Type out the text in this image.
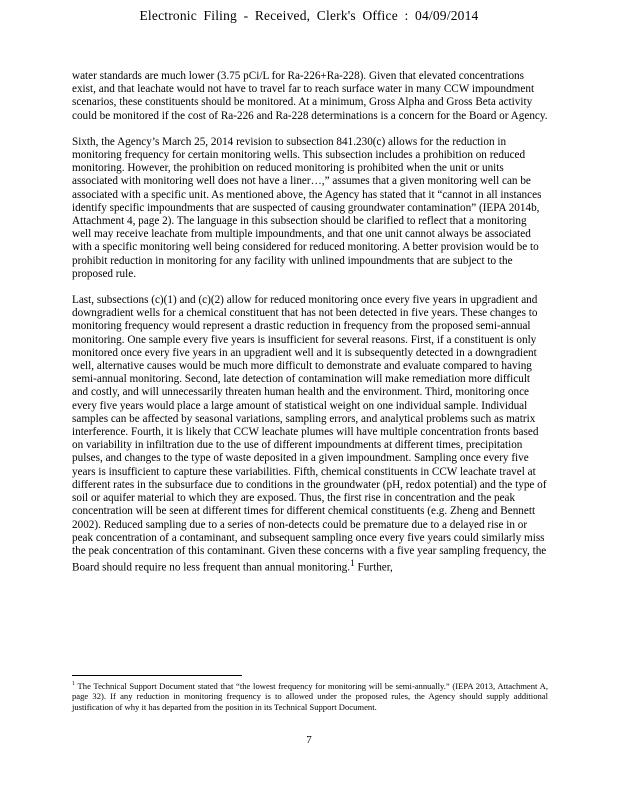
Electronic Filing - Received, Clerk's Office : 04/09/2014

water standards are much lower (3.75 pCi/L for Ra-226+Ra-228). Given that elevated concentrations exist, and that leachate would not have to travel far to reach surface water in many CCW impoundment scenarios, these constituents should be monitored. At a minimum, Gross Alpha and Gross Beta activity could be monitored if the cost of Ra-226 and Ra-228 determinations is a concern for the Board or Agency.

Sixth, the Agency’s March 25, 2014 revision to subsection 841.230(c) allows for the reduction in monitoring frequency for certain monitoring wells. This subsection includes a prohibition on reduced monitoring. However, the prohibition on reduced monitoring is prohibited when the unit or units associated with monitoring well does not have a liner…,” assumes that a given monitoring well can be associated with a specific unit. As mentioned above, the Agency has stated that it “cannot in all instances identify specific impoundments that are suspected of causing groundwater contamination” (IEPA 2014b, Attachment 4, page 2). The language in this subsection should be clarified to reflect that a monitoring well may receive leachate from multiple impoundments, and that one unit cannot always be associated with a specific monitoring well being considered for reduced monitoring. A better provision would be to prohibit reduction in monitoring for any facility with unlined impoundments that are subject to the proposed rule.

Last, subsections (c)(1) and (c)(2) allow for reduced monitoring once every five years in upgradient and downgradient wells for a chemical constituent that has not been detected in five years. These changes to monitoring frequency would represent a drastic reduction in frequency from the proposed semi-annual monitoring. One sample every five years is insufficient for several reasons. First, if a constituent is only monitored once every five years in an upgradient well and it is subsequently detected in a downgradient well, alternative causes would be much more difficult to demonstrate and evaluate compared to having semi-annual monitoring. Second, late detection of contamination will make remediation more difficult and costly, and will unnecessarily threaten human health and the environment. Third, monitoring once every five years would place a large amount of statistical weight on one individual sample. Individual samples can be affected by seasonal variations, sampling errors, and analytical problems such as matrix interference. Fourth, it is likely that CCW leachate plumes will have multiple concentration fronts based on variability in infiltration due to the use of different impoundments at different times, precipitation pulses, and changes to the type of waste deposited in a given impoundment. Sampling once every five years is insufficient to capture these variabilities. Fifth, chemical constituents in CCW leachate travel at different rates in the subsurface due to conditions in the groundwater (pH, redox potential) and the type of soil or aquifer material to which they are exposed. Thus, the first rise in concentration and the peak concentration will be seen at different times for different chemical constituents (e.g. Zheng and Bennett 2002). Reduced sampling due to a series of non-detects could be premature due to a delayed rise in or peak concentration of a contaminant, and subsequent sampling once every five years could similarly miss the peak concentration of this contaminant. Given these concerns with a five year sampling frequency, the Board should require no less frequent than annual monitoring.$^1$ Further,

$^1$ The Technical Support Document stated that “the lowest frequency for monitoring will be semi-annually.” (IEPA 2013, Attachment A, page 32). If any reduction in monitoring frequency is to allowed under the proposed rules, the Agency should supply additional justification of why it has departed from the position in its Technical Support Document.
7
